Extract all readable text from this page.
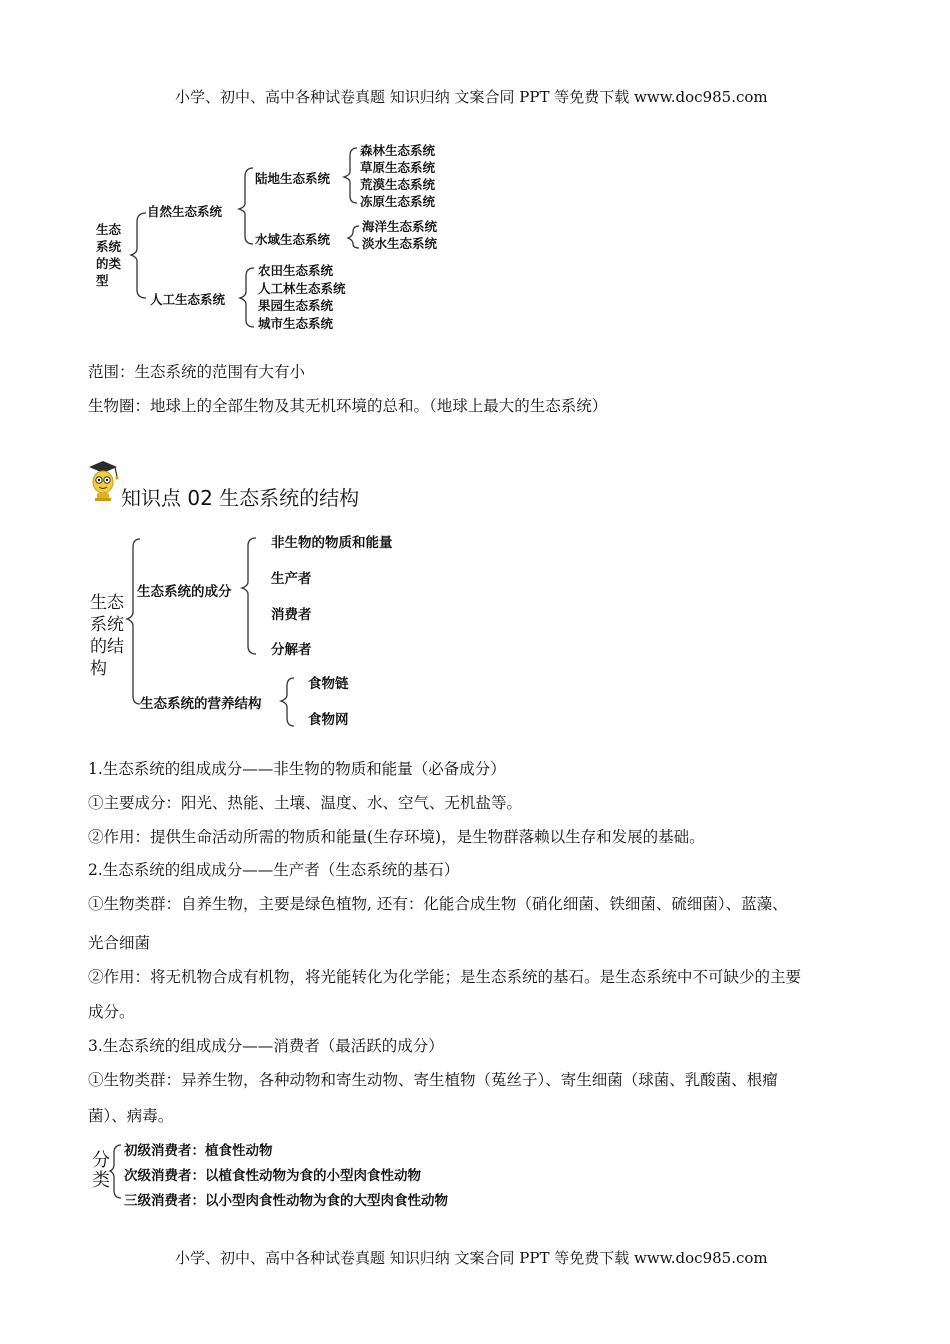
小学、初中、高中各种试卷真题 知识归纳 文案合同 PPT 等免费下载 www.doc985.com
生态
系统
的类
型
自然生态系统
陆地生态系统
森林生态系统
草原生态系统
荒漠生态系统
冻原生态系统
水域生态系统
海洋生态系统
淡水生态系统
人工生态系统
农田生态系统
人工林生态系统
果园生态系统
城市生态系统
范围：生态系统的范围有大有小
生物圈：地球上的全部生物及其无机环境的总和。（地球上最大的生态系统）
知识点 02 生态系统的结构
生态
系统
的结
构
生态系统的成分
非生物的物质和能量
生产者
消费者
分解者
生态系统的营养结构
食物链
食物网
1.生态系统的组成成分——非生物的物质和能量（必备成分）
①主要成分：阳光、热能、土壤、温度、水、空气、无机盐等。
②作用：提供生命活动所需的物质和能量(生存环境)，是生物群落赖以生存和发展的基础。
2.生态系统的组成成分——生产者（生态系统的基石）
①生物类群：自养生物，主要是绿色植物, 还有：化能合成生物（硝化细菌、铁细菌、硫细菌）、蓝藻、
光合细菌
②作用：将无机物合成有机物，将光能转化为化学能；是生态系统的基石。是生态系统中不可缺少的主要
成分。
3.生态系统的组成成分——消费者（最活跃的成分）
①生物类群：异养生物，各种动物和寄生动物、寄生植物（菟丝子）、寄生细菌（球菌、乳酸菌、根瘤
菌）、病毒。
分
类
初级消费者：植食性动物
次级消费者：以植食性动物为食的小型肉食性动物
三级消费者：以小型肉食性动物为食的大型肉食性动物
小学、初中、高中各种试卷真题 知识归纳 文案合同 PPT 等免费下载 www.doc985.com
